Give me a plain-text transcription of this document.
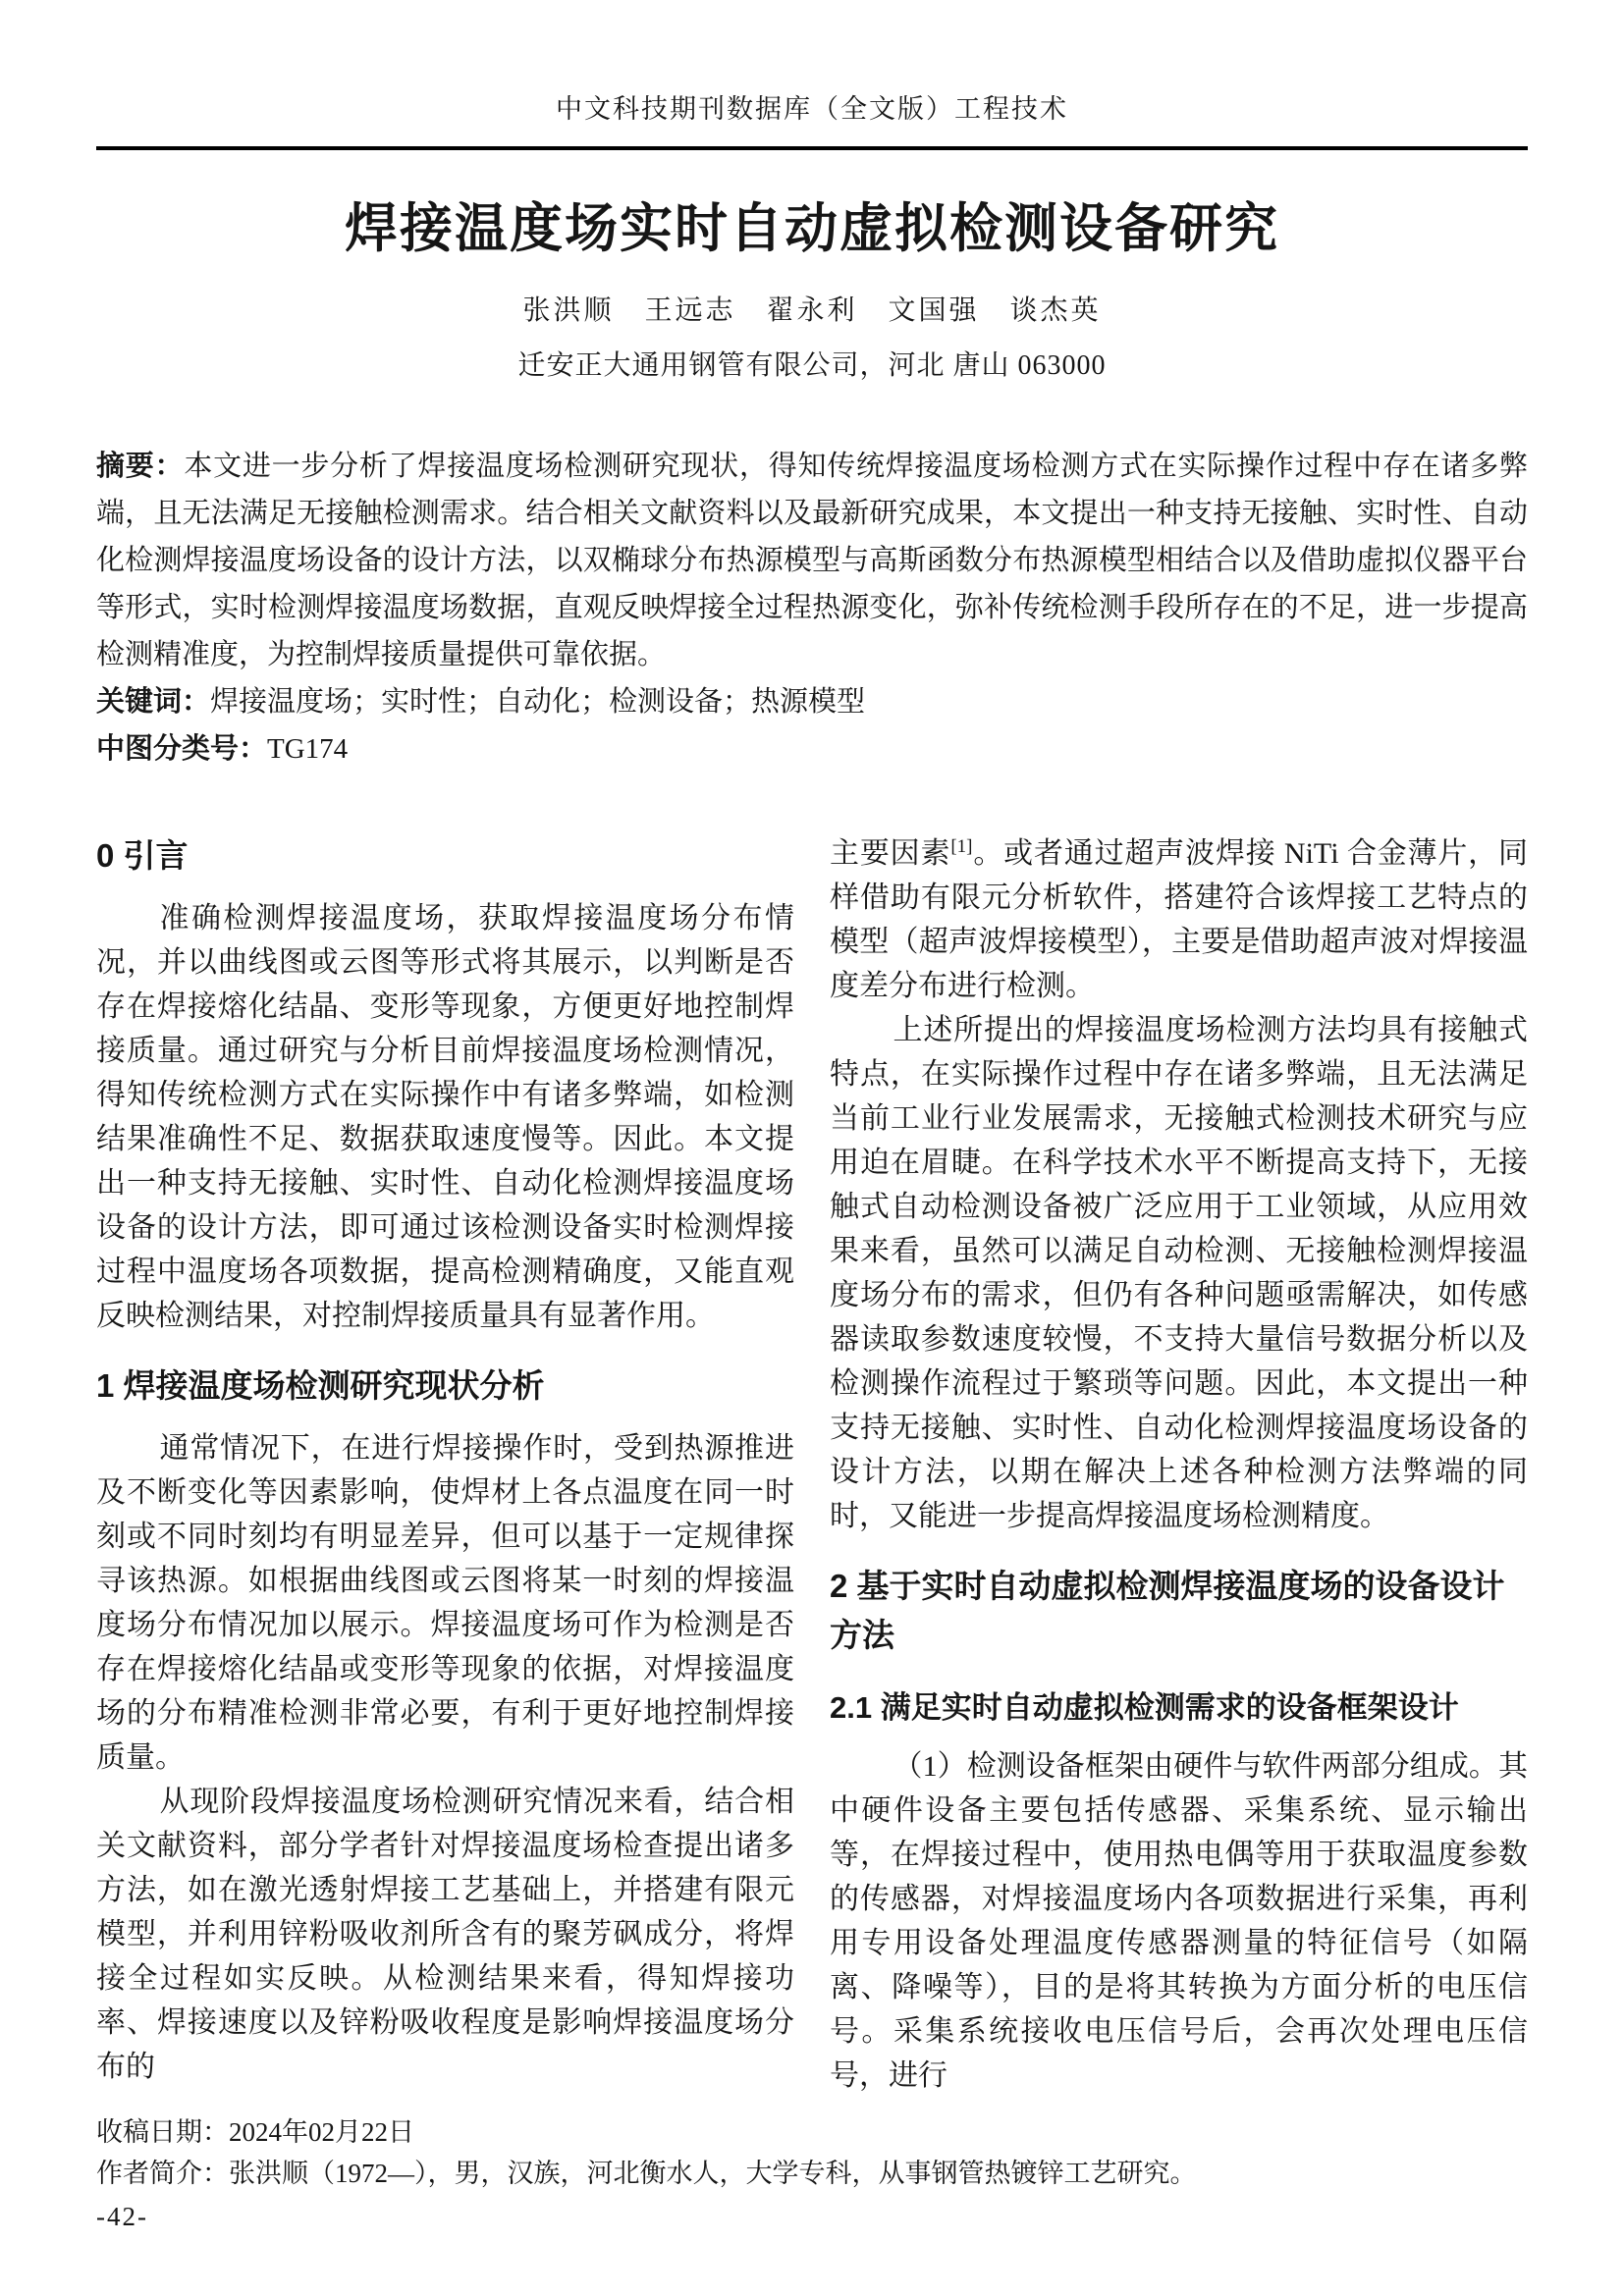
中文科技期刊数据库（全文版）工程技术
焊接温度场实时自动虚拟检测设备研究
张洪顺　王远志　翟永利　文国强　谈杰英
迁安正大通用钢管有限公司，河北 唐山 063000

摘要：本文进一步分析了焊接温度场检测研究现状，得知传统焊接温度场检测方式在实际操作过程中存在诸多弊端，且无法满足无接触检测需求。结合相关文献资料以及最新研究成果，本文提出一种支持无接触、实时性、自动化检测焊接温度场设备的设计方法，以双椭球分布热源模型与高斯函数分布热源模型相结合以及借助虚拟仪器平台等形式，实时检测焊接温度场数据，直观反映焊接全过程热源变化，弥补传统检测手段所存在的不足，进一步提高检测精准度，为控制焊接质量提供可靠依据。

关键词：焊接温度场；实时性；自动化；检测设备；热源模型

中图分类号：TG174

0 引言

准确检测焊接温度场，获取焊接温度场分布情况，并以曲线图或云图等形式将其展示，以判断是否存在焊接熔化结晶、变形等现象，方便更好地控制焊接质量。通过研究与分析目前焊接温度场检测情况，得知传统检测方式在实际操作中有诸多弊端，如检测结果准确性不足、数据获取速度慢等。因此。本文提出一种支持无接触、实时性、自动化检测焊接温度场设备的设计方法，即可通过该检测设备实时检测焊接过程中温度场各项数据，提高检测精确度，又能直观反映检测结果，对控制焊接质量具有显著作用。

1 焊接温度场检测研究现状分析

通常情况下，在进行焊接操作时，受到热源推进及不断变化等因素影响，使焊材上各点温度在同一时刻或不同时刻均有明显差异，但可以基于一定规律探寻该热源。如根据曲线图或云图将某一时刻的焊接温度场分布情况加以展示。焊接温度场可作为检测是否存在焊接熔化结晶或变形等现象的依据，对焊接温度场的分布精准检测非常必要，有利于更好地控制焊接质量。

从现阶段焊接温度场检测研究情况来看，结合相关文献资料，部分学者针对焊接温度场检查提出诸多方法，如在激光透射焊接工艺基础上，并搭建有限元模型，并利用锌粉吸收剂所含有的聚芳砜成分，将焊接全过程如实反映。从检测结果来看，得知焊接功率、焊接速度以及锌粉吸收程度是影响焊接温度场分布的

主要因素[1]。或者通过超声波焊接 NiTi 合金薄片，同样借助有限元分析软件，搭建符合该焊接工艺特点的模型（超声波焊接模型），主要是借助超声波对焊接温度差分布进行检测。

上述所提出的焊接温度场检测方法均具有接触式特点，在实际操作过程中存在诸多弊端，且无法满足当前工业行业发展需求，无接触式检测技术研究与应用迫在眉睫。在科学技术水平不断提高支持下，无接触式自动检测设备被广泛应用于工业领域，从应用效果来看，虽然可以满足自动检测、无接触检测焊接温度场分布的需求，但仍有各种问题亟需解决，如传感器读取参数速度较慢，不支持大量信号数据分析以及检测操作流程过于繁琐等问题。因此，本文提出一种支持无接触、实时性、自动化检测焊接温度场设备的设计方法，以期在解决上述各种检测方法弊端的同时，又能进一步提高焊接温度场检测精度。

2 基于实时自动虚拟检测焊接温度场的设备设计方法
2.1 满足实时自动虚拟检测需求的设备框架设计

（1）检测设备框架由硬件与软件两部分组成。其中硬件设备主要包括传感器、采集系统、显示输出等，在焊接过程中，使用热电偶等用于获取温度参数的传感器，对焊接温度场内各项数据进行采集，再利用专用设备处理温度传感器测量的特征信号（如隔离、降噪等），目的是将其转换为方面分析的电压信号。采集系统接收电压信号后，会再次处理电压信号，进行

收稿日期：2024年02月22日
作者简介：张洪顺（1972—），男，汉族，河北衡水人，大学专科，从事钢管热镀锌工艺研究。
-42-
